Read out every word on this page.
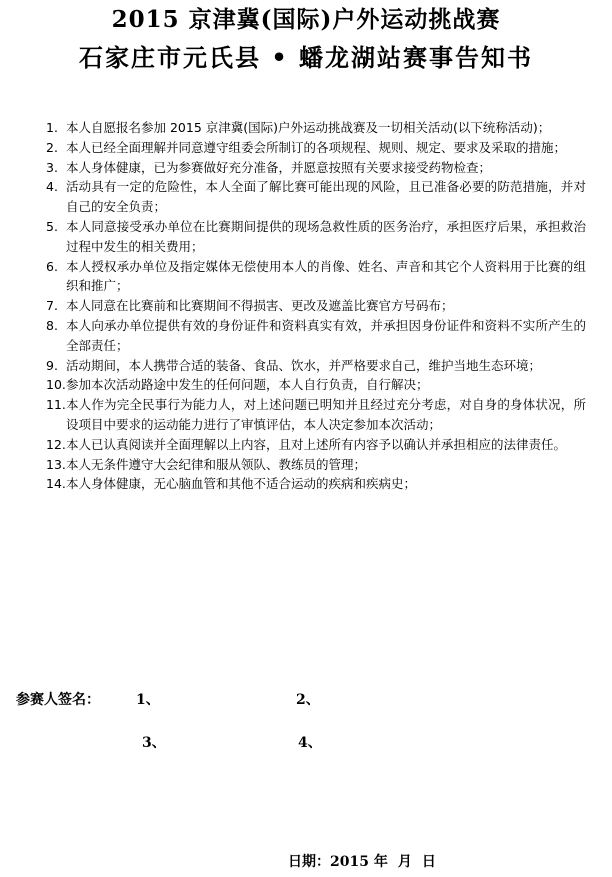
2015 京津冀(国际)户外运动挑战赛
石家庄市元氏县 • 蟠龙湖站赛事告知书
1. 本人自愿报名参加 2015 京津冀(国际)户外运动挑战赛及一切相关活动(以下统称活动)；
2. 本人已经全面理解并同意遵守组委会所制订的各项规程、规则、规定、要求及采取的措施；
3. 本人身体健康，已为参赛做好充分准备，并愿意按照有关要求接受药物检查；
4. 活动具有一定的危险性，本人全面了解比赛可能出现的风险，且已准备必要的防范措施，并对自己的安全负责；
5. 本人同意接受承办单位在比赛期间提供的现场急救性质的医务治疗，承担医疗后果，承担救治过程中发生的相关费用；
6. 本人授权承办单位及指定媒体无偿使用本人的肖像、姓名、声音和其它个人资料用于比赛的组织和推广；
7. 本人同意在比赛前和比赛期间不得损害、更改及遮盖比赛官方号码布；
8. 本人向承办单位提供有效的身份证件和资料真实有效，并承担因身份证件和资料不实所产生的全部责任；
9. 活动期间，本人携带合适的装备、食品、饮水，并严格要求自己，维护当地生态环境；
10. 参加本次活动路途中发生的任何问题，本人自行负责，自行解决；
11. 本人作为完全民事行为能力人，对上述问题已明知并且经过充分考虑，对自身的身体状况，所设项目中要求的运动能力进行了审慎评估，本人决定参加本次活动；
12. 本人已认真阅读并全面理解以上内容，且对上述所有内容予以确认并承担相应的法律责任。
13. 本人无条件遵守大会纪律和服从领队、教练员的管理；
14. 本人身体健康，无心脑血管和其他不适合运动的疾病和疾病史；
参赛人签名：	1、	2、
3、	4、
日期：2015 年 月 日
